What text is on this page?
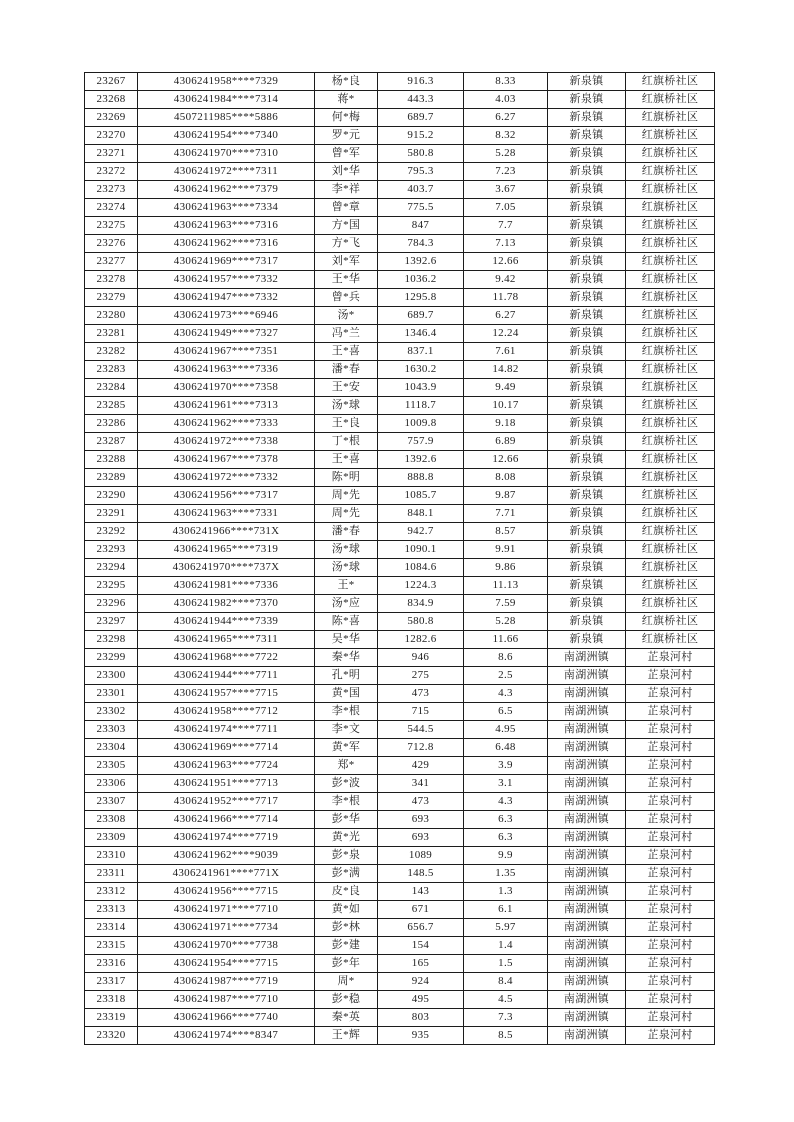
23267	4306241958****7329	杨*良	916.3	8.33	新泉镇	红旗桥社区
23268	4306241984****7314	蒋*	443.3	4.03	新泉镇	红旗桥社区
23269	4507211985****5886	何*梅	689.7	6.27	新泉镇	红旗桥社区
23270	4306241954****7340	罗*元	915.2	8.32	新泉镇	红旗桥社区
23271	4306241970****7310	曾*军	580.8	5.28	新泉镇	红旗桥社区
23272	4306241972****7311	刘*华	795.3	7.23	新泉镇	红旗桥社区
23273	4306241962****7379	李*祥	403.7	3.67	新泉镇	红旗桥社区
23274	4306241963****7334	曾*章	775.5	7.05	新泉镇	红旗桥社区
23275	4306241963****7316	方*国	847	7.7	新泉镇	红旗桥社区
23276	4306241962****7316	方*飞	784.3	7.13	新泉镇	红旗桥社区
23277	4306241969****7317	刘*军	1392.6	12.66	新泉镇	红旗桥社区
23278	4306241957****7332	王*华	1036.2	9.42	新泉镇	红旗桥社区
23279	4306241947****7332	曾*兵	1295.8	11.78	新泉镇	红旗桥社区
23280	4306241973****6946	汤*	689.7	6.27	新泉镇	红旗桥社区
23281	4306241949****7327	冯*兰	1346.4	12.24	新泉镇	红旗桥社区
23282	4306241967****7351	王*喜	837.1	7.61	新泉镇	红旗桥社区
23283	4306241963****7336	潘*春	1630.2	14.82	新泉镇	红旗桥社区
23284	4306241970****7358	王*安	1043.9	9.49	新泉镇	红旗桥社区
23285	4306241961****7313	汤*球	1118.7	10.17	新泉镇	红旗桥社区
23286	4306241962****7333	王*良	1009.8	9.18	新泉镇	红旗桥社区
23287	4306241972****7338	丁*根	757.9	6.89	新泉镇	红旗桥社区
23288	4306241967****7378	王*喜	1392.6	12.66	新泉镇	红旗桥社区
23289	4306241972****7332	陈*明	888.8	8.08	新泉镇	红旗桥社区
23290	4306241956****7317	周*先	1085.7	9.87	新泉镇	红旗桥社区
23291	4306241963****7331	周*先	848.1	7.71	新泉镇	红旗桥社区
23292	4306241966****731X	潘*春	942.7	8.57	新泉镇	红旗桥社区
23293	4306241965****7319	汤*球	1090.1	9.91	新泉镇	红旗桥社区
23294	4306241970****737X	汤*球	1084.6	9.86	新泉镇	红旗桥社区
23295	4306241981****7336	王*	1224.3	11.13	新泉镇	红旗桥社区
23296	4306241982****7370	汤*应	834.9	7.59	新泉镇	红旗桥社区
23297	4306241944****7339	陈*喜	580.8	5.28	新泉镇	红旗桥社区
23298	4306241965****7311	吴*华	1282.6	11.66	新泉镇	红旗桥社区
23299	4306241968****7722	秦*华	946	8.6	南湖洲镇	芷泉河村
23300	4306241944****7711	孔*明	275	2.5	南湖洲镇	芷泉河村
23301	4306241957****7715	黄*国	473	4.3	南湖洲镇	芷泉河村
23302	4306241958****7712	李*根	715	6.5	南湖洲镇	芷泉河村
23303	4306241974****7711	李*文	544.5	4.95	南湖洲镇	芷泉河村
23304	4306241969****7714	黄*军	712.8	6.48	南湖洲镇	芷泉河村
23305	4306241963****7724	郑*	429	3.9	南湖洲镇	芷泉河村
23306	4306241951****7713	彭*波	341	3.1	南湖洲镇	芷泉河村
23307	4306241952****7717	李*根	473	4.3	南湖洲镇	芷泉河村
23308	4306241966****7714	彭*华	693	6.3	南湖洲镇	芷泉河村
23309	4306241974****7719	黄*光	693	6.3	南湖洲镇	芷泉河村
23310	4306241962****9039	彭*泉	1089	9.9	南湖洲镇	芷泉河村
23311	4306241961****771X	彭*满	148.5	1.35	南湖洲镇	芷泉河村
23312	4306241956****7715	皮*良	143	1.3	南湖洲镇	芷泉河村
23313	4306241971****7710	黄*如	671	6.1	南湖洲镇	芷泉河村
23314	4306241971****7734	彭*林	656.7	5.97	南湖洲镇	芷泉河村
23315	4306241970****7738	彭*建	154	1.4	南湖洲镇	芷泉河村
23316	4306241954****7715	彭*年	165	1.5	南湖洲镇	芷泉河村
23317	4306241987****7719	周*	924	8.4	南湖洲镇	芷泉河村
23318	4306241987****7710	彭*稳	495	4.5	南湖洲镇	芷泉河村
23319	4306241966****7740	秦*英	803	7.3	南湖洲镇	芷泉河村
23320	4306241974****8347	王*辉	935	8.5	南湖洲镇	芷泉河村
